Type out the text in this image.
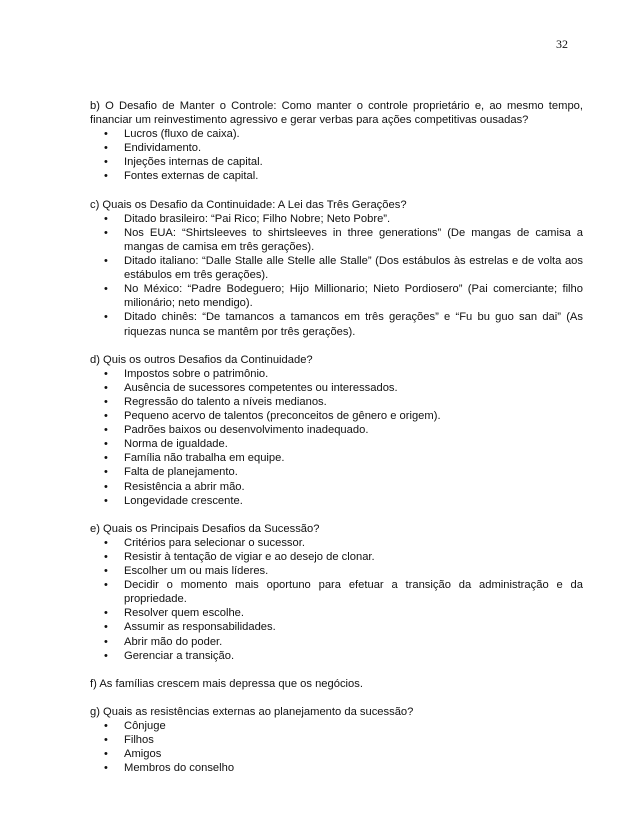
32

b) O Desafio de Manter o Controle: Como manter o controle proprietário e, ao mesmo tempo, financiar um reinvestimento agressivo e gerar verbas para ações competitivas ousadas?

• Lucros (fluxo de caixa).
• Endividamento.
• Injeções internas de capital.
• Fontes externas de capital.

c) Quais os Desafio da Continuidade: A Lei das Três Gerações?

• Ditado brasileiro: “Pai Rico; Filho Nobre; Neto Pobre”.
• Nos EUA: “Shirtsleeves to shirtsleeves in three generations” (De mangas de camisa a mangas de camisa em três gerações).
• Ditado italiano: “Dalle Stalle alle Stelle alle Stalle” (Dos estábulos às estrelas e de volta aos estábulos em três gerações).
• No México: “Padre Bodeguero; Hijo Millionario; Nieto Pordiosero” (Pai comerciante; filho milionário; neto mendigo).
• Ditado chinês: “De tamancos a tamancos em três gerações” e “Fu bu guo san dai” (As riquezas nunca se mantêm por três gerações).

d) Quis os outros Desafios da Continuidade?

• Impostos sobre o patrimônio.
• Ausência de sucessores competentes ou interessados.
• Regressão do talento a níveis medianos.
• Pequeno acervo de talentos (preconceitos de gênero e origem).
• Padrões baixos ou desenvolvimento inadequado.
• Norma de igualdade.
• Família não trabalha em equipe.
• Falta de planejamento.
• Resistência a abrir mão.
• Longevidade crescente.

e) Quais os Principais Desafios da Sucessão?

• Critérios para selecionar o sucessor.
• Resistir à tentação de vigiar e ao desejo de clonar.
• Escolher um ou mais líderes.
• Decidir o momento mais oportuno para efetuar a transição da administração e da propriedade.
• Resolver quem escolhe.
• Assumir as responsabilidades.
• Abrir mão do poder.
• Gerenciar a transição.

f) As famílias crescem mais depressa que os negócios.

g) Quais as resistências externas ao planejamento da sucessão?

• Cônjuge
• Filhos
• Amigos
• Membros do conselho
